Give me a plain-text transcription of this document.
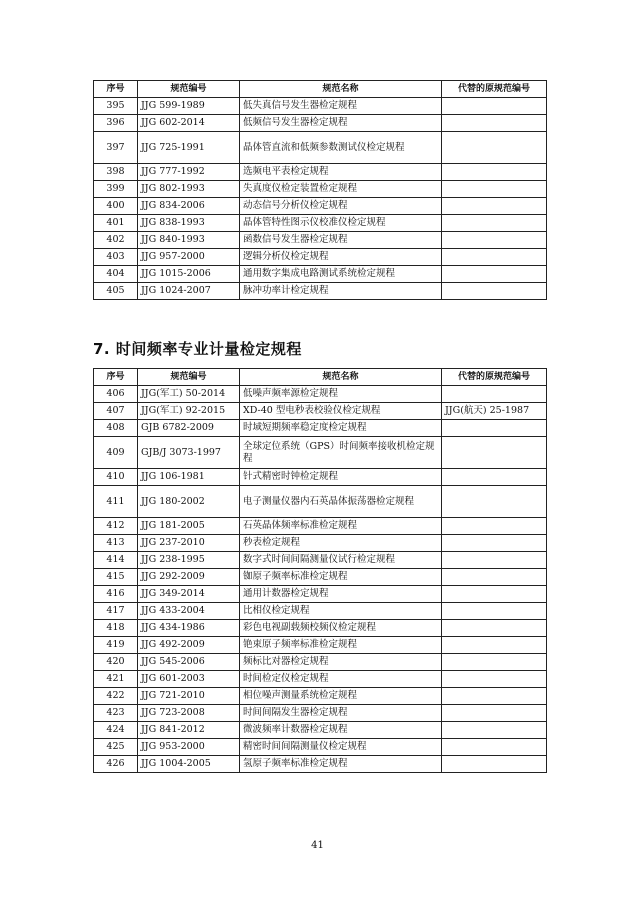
序号	规范编号	规范名称	代替的原规范编号
395	JJG 599-1989	低失真信号发生器检定规程	
396	JJG 602-2014	低频信号发生器检定规程	
397	JJG 725-1991	晶体管直流和低频参数测试仪检定规程	
398	JJG 777-1992	选频电平表检定规程	
399	JJG 802-1993	失真度仪检定装置检定规程	
400	JJG 834-2006	动态信号分析仪检定规程	
401	JJG 838-1993	晶体管特性图示仪校准仪检定规程	
402	JJG 840-1993	函数信号发生器检定规程	
403	JJG 957-2000	逻辑分析仪检定规程	
404	JJG 1015-2006	通用数字集成电路测试系统检定规程	
405	JJG 1024-2007	脉冲功率计检定规程	
7. 时间频率专业计量检定规程
序号	规范编号	规范名称	代替的原规范编号
406	JJG(军工) 50-2014	低噪声频率源检定规程	
407	JJG(军工) 92-2015	XD-40 型电秒表校验仪检定规程	JJG(航天) 25-1987
408	GJB 6782-2009	时域短期频率稳定度检定规程	
409	GJB/J 3073-1997	全球定位系统（GPS）时间频率接收机检定规程	
410	JJG 106-1981	针式精密时钟检定规程	
411	JJG 180-2002	电子测量仪器内石英晶体振荡器检定规程	
412	JJG 181-2005	石英晶体频率标准检定规程	
413	JJG 237-2010	秒表检定规程	
414	JJG 238-1995	数字式时间间隔测量仪试行检定规程	
415	JJG 292-2009	铷原子频率标准检定规程	
416	JJG 349-2014	通用计数器检定规程	
417	JJG 433-2004	比相仪检定规程	
418	JJG 434-1986	彩色电视副载频校频仪检定规程	
419	JJG 492-2009	铯束原子频率标准检定规程	
420	JJG 545-2006	频标比对器检定规程	
421	JJG 601-2003	时间检定仪检定规程	
422	JJG 721-2010	相位噪声测量系统检定规程	
423	JJG 723-2008	时间间隔发生器检定规程	
424	JJG 841-2012	微波频率计数器检定规程	
425	JJG 953-2000	精密时间间隔测量仪检定规程	
426	JJG 1004-2005	氢原子频率标准检定规程	
41
